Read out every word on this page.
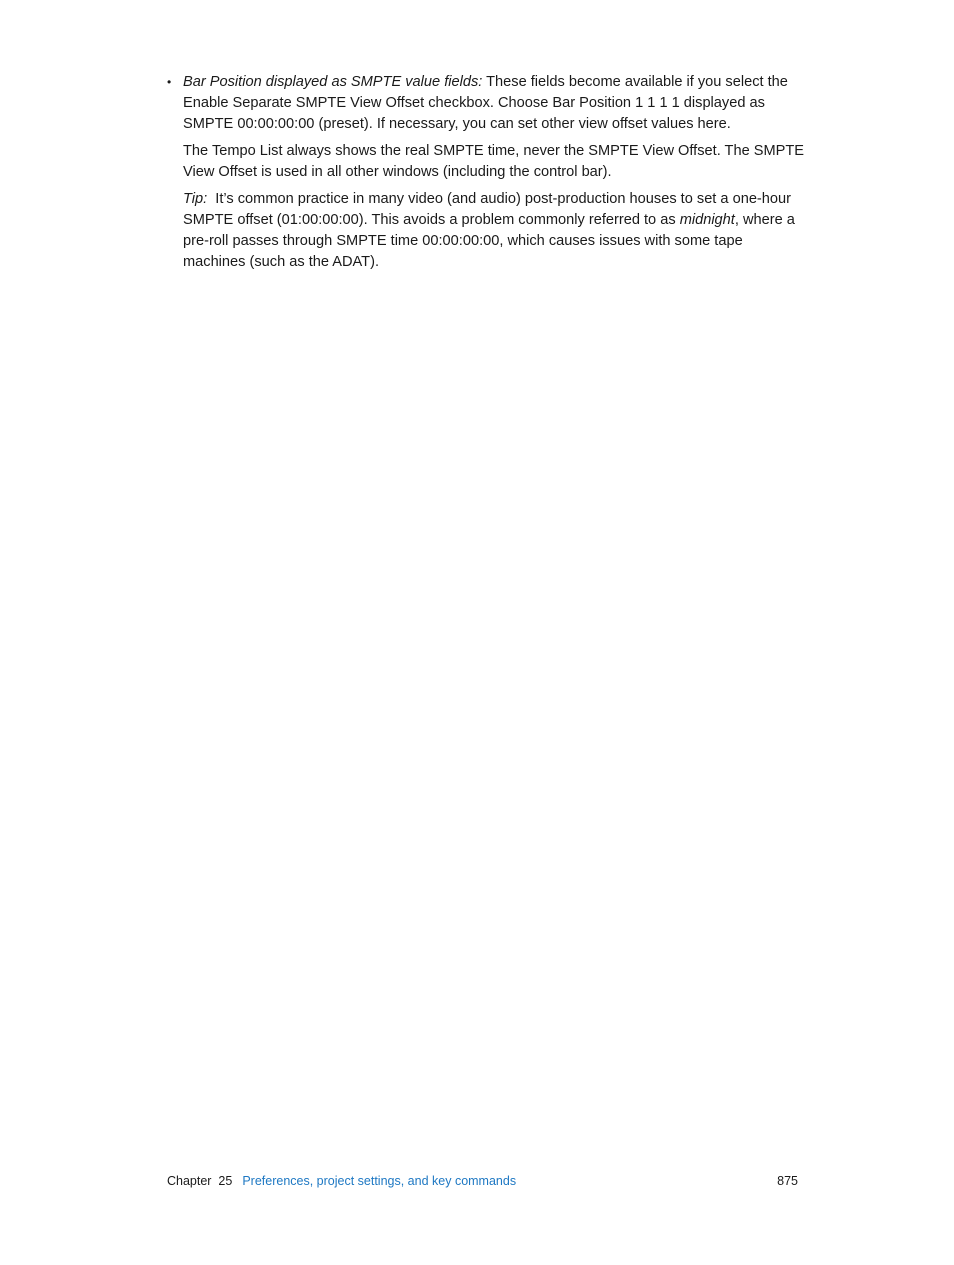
• Bar Position displayed as SMPTE value fields: These fields become available if you select the Enable Separate SMPTE View Offset checkbox. Choose Bar Position 1 1 1 1 displayed as SMPTE 00:00:00:00 (preset). If necessary, you can set other view offset values here.

The Tempo List always shows the real SMPTE time, never the SMPTE View Offset. The SMPTE View Offset is used in all other windows (including the control bar).

Tip:  It’s common practice in many video (and audio) post-production houses to set a one-hour SMPTE offset (01:00:00:00). This avoids a problem commonly referred to as midnight, where a pre-roll passes through SMPTE time 00:00:00:00, which causes issues with some tape machines (such as the ADAT).

Chapter  25 Preferences, project settings, and key commands	875
